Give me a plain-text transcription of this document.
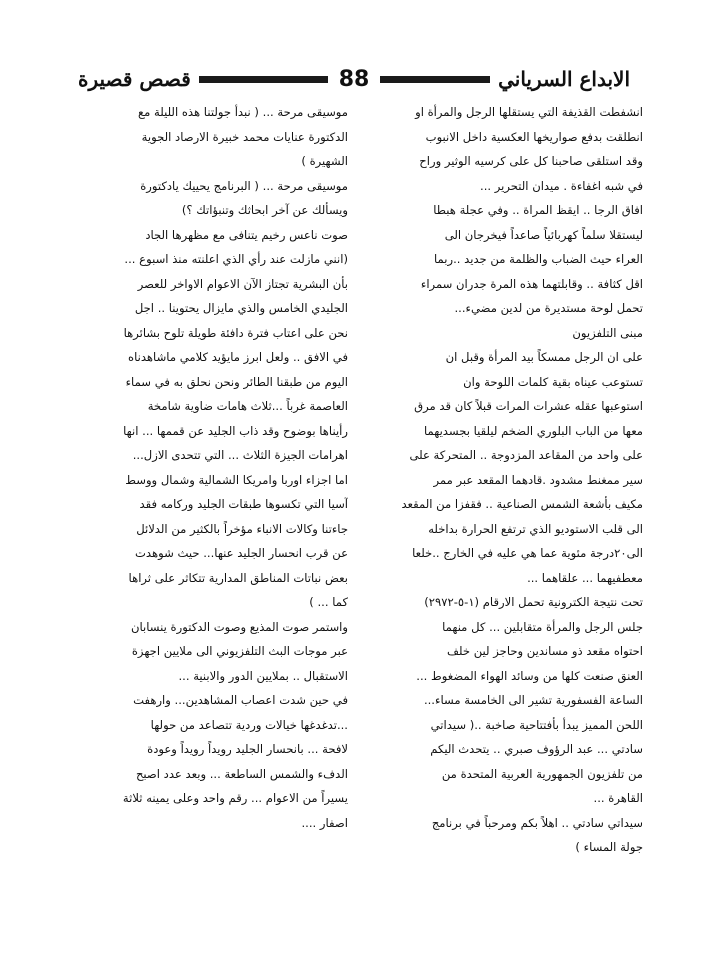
الابداع السرياني
88
قصص قصيرة
انشفطت القذيفة التي يستقلها الرجل والمرأة او
انطلقت بدفع صواريخها العكسية داخل الانبوب
وقد استلقى صاحبنا كل على كرسيه الوثير وراح
في شبه اغفاءة . ميدان التحرير ...
افاق الرجا .. ايقظ المراة .. وفي عجلة هبطا
ليستقلا سلماً كهربائياً صاعداً فيخرجان الى
العراء حيث الضباب والظلمة من جديد ..ربما
اقل كثافة .. وقابلتهما هذه المرة جدران سمراء
تحمل لوحة مستديرة من لدين مضيء...
مبنى التلفزيون
على ان الرجل ممسكاً بيد المرأة وقبل ان
تستوعب عيناه بقية كلمات اللوحة وان
استوعبها عقله عشرات المرات قبلاً كان قد مرق
معها من الباب البلوري الضخم ليلقيا بجسديهما
على واحد من المقاعد المزدوجة .. المتحركة على
سير ممغنط مشدود .قادهما المقعد عبر ممر
مكيف بأشعة الشمس الصناعية .. فقفزا من المقعد
الى قلب الاستوديو الذي ترتفع الحرارة بداخله
الى٢٠درجة مئوية عما هي عليه في الخارج ..خلعا
معطفيهما ... علقاهما ...
تحت نتيجة الكترونية تحمل الارقام (١-٥-٢٩٧٢)
جلس الرجل والمرأة متقابلين ... كل منهما
احتواه مقعد ذو مساندين وحاجز لين خلف
العنق صنعت كلها من وسائد الهواء المضغوط ...
الساعة الفسفورية تشير الى الخامسة مساء...
اللحن المميز يبدأ بأفتتاحية صاخبة ..( سيداتي
سادتي ... عبد الرؤوف صبري .. يتحدث اليكم
من تلفزيون الجمهورية العربية المتحدة من
القاهرة ...
سيداتي سادتي .. اهلاً بكم ومرحباً في برنامج
جولة المساء )
موسيقى مرحة ... ( نبدأ جولتنا هذه الليلة مع
الدكتورة عنايات محمد خبيرة الارصاد الجوية
الشهيرة )
موسيقى مرحة ... ( البرنامج يحييك يادكتورة
ويسألك عن آخر ابحاثك وتنبؤاتك ؟)
صوت ناعس رخيم يتنافى مع مظهرها الجاد
(انني مازلت عند رأي الذي اعلنته منذ اسبوع ...
بأن البشرية تجتاز الآن الاعوام الاواخر للعصر
الجليدي الخامس والذي مايزال يحتوينا .. اجل
نحن على اعتاب فترة دافئة طويلة تلوح بشائرها
في الافق .. ولعل ابرز مايؤيد كلامي ماشاهدناه
اليوم من طبقنا الطائر ونحن نحلق به في سماء
العاصمة غرباً ...ثلاث هامات ضاوية شامخة
رأيناها بوضوح وقد ذاب الجليد عن قممها ... انها
اهرامات الجيزة الثلاث ... التي تتحدى الازل...
اما اجزاء اوربا وامريكا الشمالية وشمال ووسط
آسيا التي تكسوها طبقات الجليد وركامه فقد
جاءتنا وكالات الانباء مؤخراً بالكثير من الدلائل
عن قرب انحسار الجليد عنها... حيث شوهدت
بعض نباتات المناطق المدارية تتكاثر على ثراها
كما ... )
واستمر صوت المذيع وصوت الدكتورة ينسابان
عبر موجات البث التلفزيوني الى ملايين اجهزة
الاستقبال .. بملايين الدور والابنية ...
في حين شدت اعصاب المشاهدين... وارهفت
...تدغدغها خيالات وردية تتصاعد من حولها
لافحة ... بانحسار الجليد رويداً رويداً وعودة
الدفء والشمس الساطعة ... وبعد عدد اصبح
يسيراً من الاعوام ... رقم واحد وعلى يمينه ثلاثة
اصفار ....
